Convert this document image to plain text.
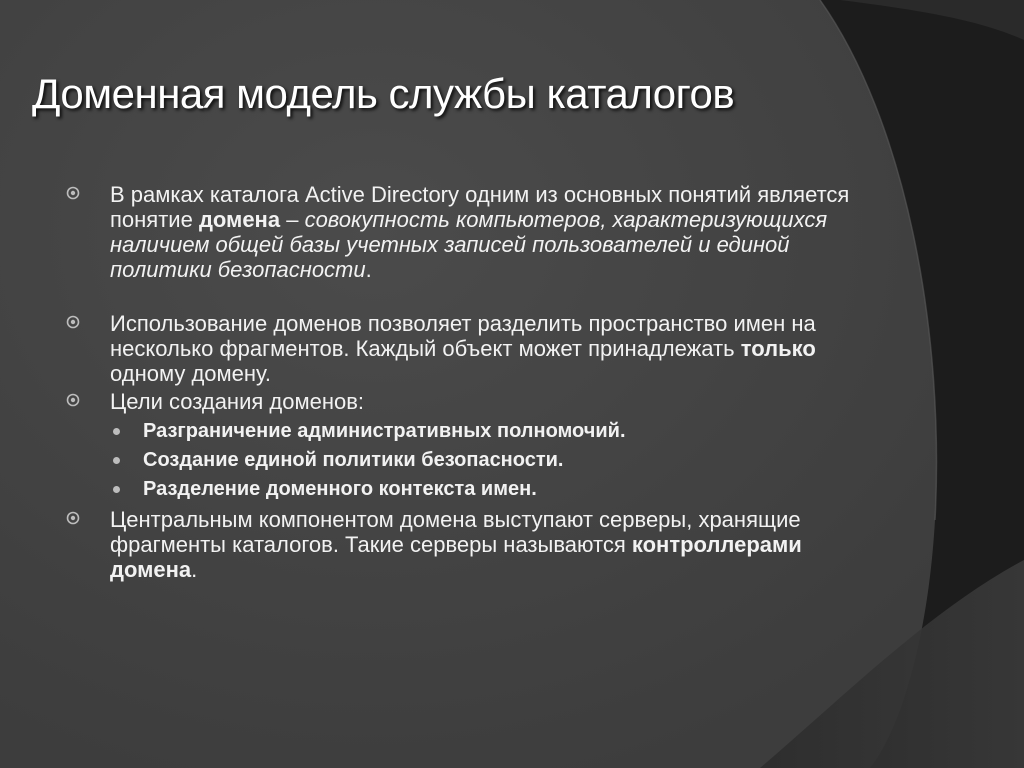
Доменная модель службы каталогов

В рамках каталога Active Directory одним из основных понятий является понятие домена – совокупность компьютеров, характеризующихся наличием общей базы учетных записей пользователей и единой политики безопасности.

Использование доменов позволяет разделить пространство имен на несколько фрагментов. Каждый объект может принадлежать только одному домену.

Цели создания доменов:

Разграничение административных полномочий.

Создание единой политики безопасности.

Разделение доменного контекста имен.

Центральным компонентом домена выступают серверы, хранящие фрагменты каталогов. Такие серверы называются контроллерами домена.
